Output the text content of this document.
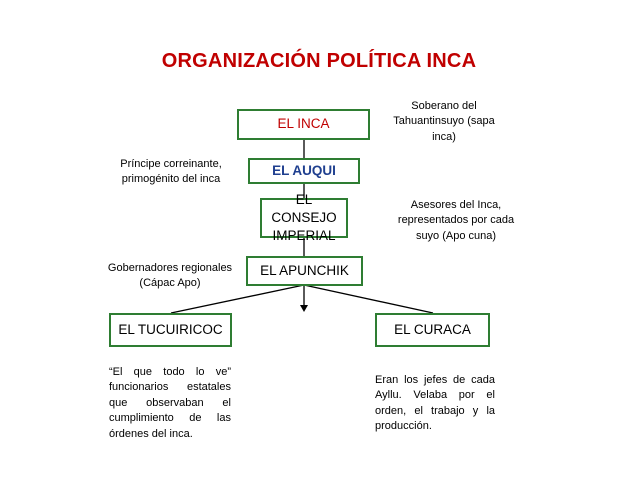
ORGANIZACIÓN POLÍTICA INCA
EL INCA
EL AUQUI
EL CONSEJO IMPERIAL
EL APUNCHIK
EL TUCUIRICOC	EL CURACA
Soberano del Tahuantinsuyo (sapa inca)
Príncipe correinante, primogénito del inca
Asesores del Inca, representados por cada suyo (Apo cuna)
Gobernadores regionales (Cápac Apo)
“El que todo lo ve” funcionarios estatales que observaban el cumplimiento de las órdenes del inca.
Eran los jefes de cada Ayllu. Velaba por el orden, el trabajo y la producción.
